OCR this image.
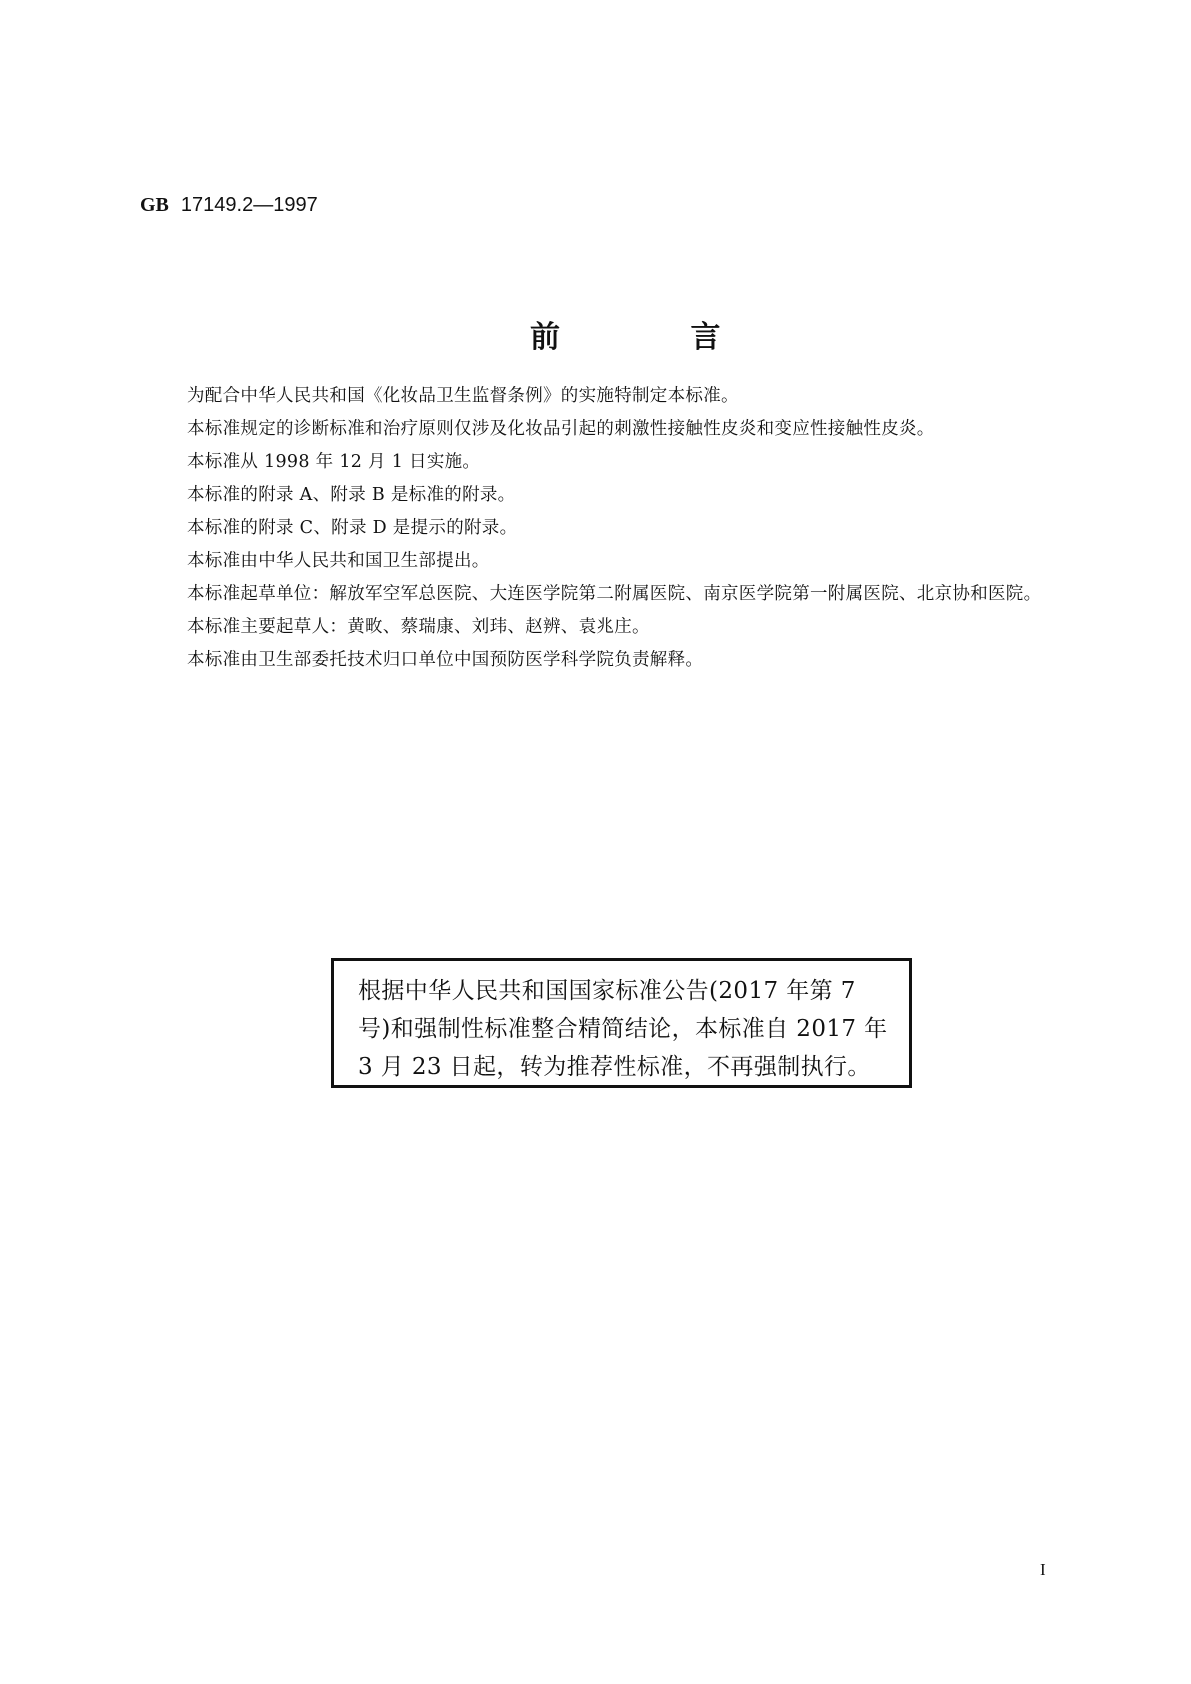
GB 17149.2—1997
前 言

为配合中华人民共和国《化妆品卫生监督条例》的实施特制定本标准。

本标准规定的诊断标准和治疗原则仅涉及化妆品引起的刺激性接触性皮炎和变应性接触性皮炎。

本标准从 1998 年 12 月 1 日实施。

本标准的附录 A、附录 B 是标准的附录。

本标准的附录 C、附录 D 是提示的附录。

本标准由中华人民共和国卫生部提出。

本标准起草单位：解放军空军总医院、大连医学院第二附属医院、南京医学院第一附属医院、北京协和医院。

本标准主要起草人：黄畋、蔡瑞康、刘玮、赵辨、袁兆庄。

本标准由卫生部委托技术归口单位中国预防医学科学院负责解释。

根据中华人民共和国国家标准公告(2017 年第 7 号)和强制性标准整合精简结论，本标准自 2017 年 3 月 23 日起，转为推荐性标准，不再强制执行。
I
